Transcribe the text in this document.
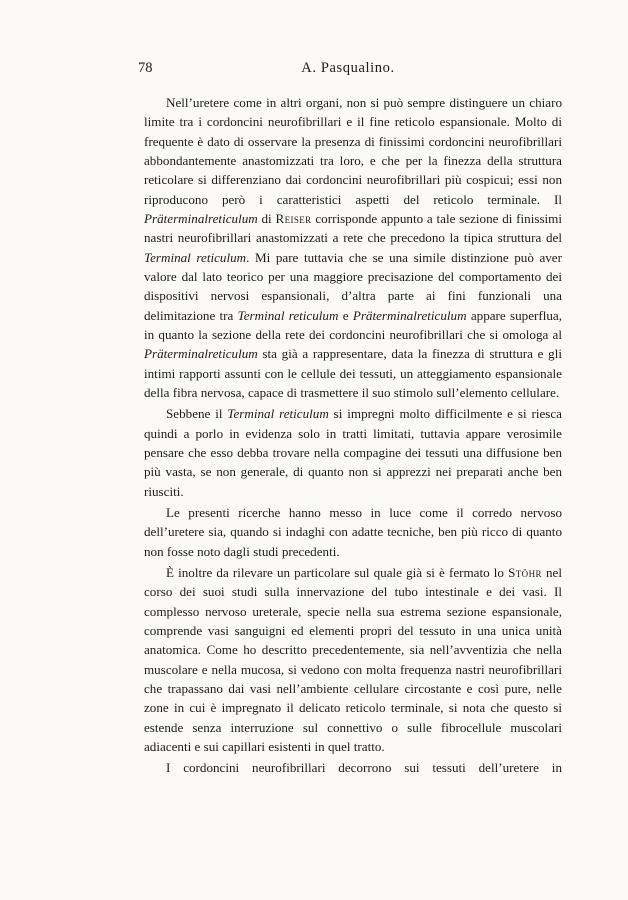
78	A. Pasqualino.

Nell’uretere come in altri organi, non si può sempre distinguere un chiaro limite tra i cordoncini neurofibrillari e il fine reticolo espansionale. Molto di frequente è dato di osservare la presenza di finissimi cordoncini neurofibrillari abbondantemente anastomizzati tra loro, e che per la finezza della struttura reticolare si differenziano dai cordoncini neurofibrillari più cospicui; essi non riproducono però i caratteristici aspetti del reticolo terminale. Il Präterminalreticulum di Reiser corrisponde appunto a tale sezione di finissimi nastri neurofibrillari anastomizzati a rete che precedono la tipica struttura del Terminal reticulum. Mi pare tuttavia che se una simile distinzione può aver valore dal lato teorico per una maggiore precisazione del comportamento dei dispositivi nervosi espansionali, d’altra parte ai fini funzionali una delimitazione tra Terminal reticulum e Präterminalreticulum appare superflua, in quanto la sezione della rete dei cordoncini neurofibrillari che si omologa al Präterminalreticulum sta già a rappresentare, data la finezza di struttura e gli intimi rapporti assunti con le cellule dei tessuti, un atteggiamento espansionale della fibra nervosa, capace di trasmettere il suo stimolo sull’elemento cellulare.

Sebbene il Terminal reticulum si impregni molto difficilmente e si riesca quindi a porlo in evidenza solo in tratti limitati, tuttavia appare verosimile pensare che esso debba trovare nella compagine dei tessuti una diffusione ben più vasta, se non generale, di quanto non si apprezzi nei preparati anche ben riusciti.

Le presenti ricerche hanno messo in luce come il corredo nervoso dell’uretere sia, quando si indaghi con adatte tecniche, ben più ricco di quanto non fosse noto dagli studi precedenti.

È inoltre da rilevare un particolare sul quale già si è fermato lo Stöhr nel corso dei suoi studi sulla innervazione del tubo intestinale e dei vasi. Il complesso nervoso ureterale, specie nella sua estrema sezione espansionale, comprende vasi sanguigni ed elementi propri del tessuto in una unica unità anatomica. Come ho descritto precedentemente, sia nell’avventizia che nella muscolare e nella mucosa, si vedono con molta frequenza nastri neurofibrillari che trapassano dai vasi nell’ambiente cellulare circostante e così pure, nelle zone in cui è impregnato il delicato reticolo terminale, si nota che questo si estende senza interruzione sul connettivo o sulle fibrocellule muscolari adiacenti e sui capillari esistenti in quel tratto.

I cordoncini neurofibrillari decorrono sui tessuti dell’uretere in
